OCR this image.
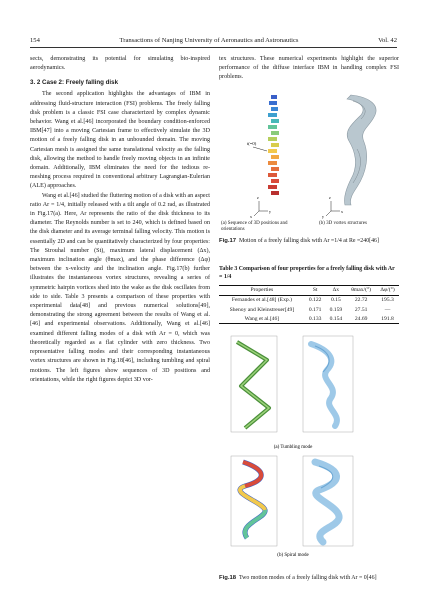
154	Transactions of Nanjing University of Aeronautics and Astronautics	Vol. 42

sects, demonstrating its potential for simulating bio-inspired aerodynamics.

3. 2 Case 2: Freely falling disk

The second application highlights the advantages of IBM in addressing fluid-structure interaction (FSI) problems. The freely falling disk problem is a classic FSI case characterized by complex dynamic behavior. Wang et al.[46] incorporated the boundary condition-enforced IBM[47] into a moving Cartesian frame to effectively simulate the 3D motion of a freely falling disk in an unbounded domain. The moving Cartesian mesh is assigned the same translational velocity as the falling disk, allowing the method to handle freely moving objects in an infinite domain. Additionally, IBM eliminates the need for the tedious re-meshing process required in conventional arbitrary Lagrangian-Eulerian (ALE) approaches.

Wang et al.[46] studied the fluttering motion of a disk with an aspect ratio Ar = 1/4, initially released with a tilt angle of 0.2 rad, as illustrated in Fig.17(a). Here, Ar represents the ratio of the disk thickness to its diameter. The Reynolds number is set to 240, which is defined based on the disk diameter and its average terminal falling velocity. This motion is essentially 2D and can be quantitatively characterized by four properties: The Strouhal number (St), maximum lateral displacement (Δx), maximum inclination angle (θmax), and the phase difference (Δφ) between the x-velocity and the inclination angle. Fig.17(b) further illustrates the instantaneous vortex structures, revealing a series of symmetric hairpin vortices shed into the wake as the disk oscillates from side to side. Table 3 presents a comparison of these properties with experimental data[48] and previous numerical solutions[49], demonstrating the strong agreement between the results of Wang et al.[46] and experimental observations. Additionally, Wang et al.[46] examined different falling modes of a disk with Ar = 0, which was theoretically regarded as a flat cylinder with zero thickness. Two representative falling modes and their corresponding instantaneous vortex structures are shown in Fig.18[46], including tumbling and spiral motions. The left figures show sequences of 3D positions and orientations, while the right figures depict 3D vor-

tex structures. These numerical experiments highlight the superior performance of the diffuse interface IBM in handling complex FSI problems.

t(=0)
z
y
x
z
x
y
(a) Sequence of 3D positions and orientations
(b) 3D vortex structures

Fig.17 Motion of a freely falling disk with Ar =1/4 at Re =240[46]

Table 3 Comparison of four properties for a freely falling disk with Ar = 1/4
Properties	St	Δx	θmax/(°)	Δφ/(°)
Fernandes et al.[48] (Exp.)	0.122	0.15	22.72	195.3
Shenoy and Kleinstreuer[49]	0.171	0.159	27.51	—
Wang et al.[46]	0.133	0.154	24.69	191.8
(a) Tumbling mode
(b) Spiral mode

Fig.18 Two motion modes of a freely falling disk with Ar = 0[46]
